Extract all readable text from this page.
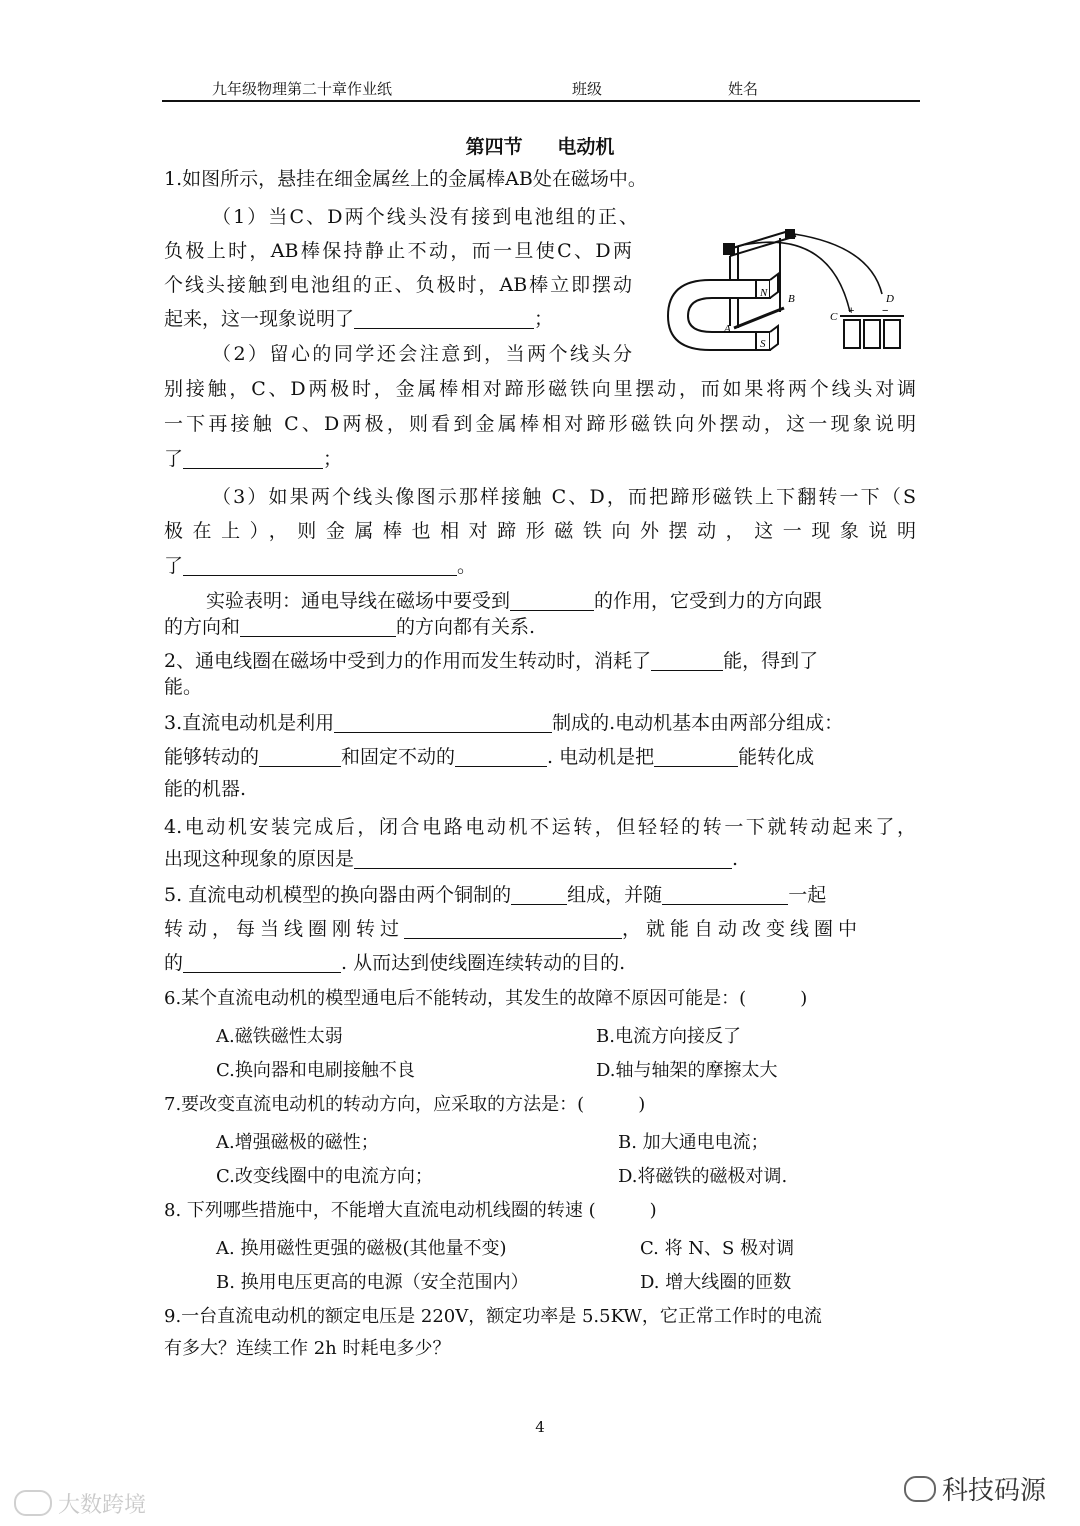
九年级物理第二十章作业纸	班级	姓名
第四节 电动机
1.如图所示，悬挂在细金属丝上的金属棒AB处在磁场中。
（1）当C、D两个线头没有接到电池组的正、
负极上时，AB棒保持静止不动，而一旦使C、D两
个线头接触到电池组的正、负极时，AB棒立即摆动
起来，这一现象说明了	；
（2）留心的同学还会注意到，当两个线头分
别接触，C、D两极时，金属棒相对蹄形磁铁向里摆动，而如果将两个线头对调
一下再接触 C、D两极，则看到金属棒相对蹄形磁铁向外摆动，这一现象说明
了	；
（3）如果两个线头像图示那样接触 C、D，而把蹄形磁铁上下翻转一下（S
极在上），则金属棒也相对蹄形磁铁向外摆动，这一现象说明
了	。
实验表明：通电导线在磁场中要受到	的作用，它受到力的方向跟
的方向和	的方向都有关系.
N
S
A
B
C
D
+	−
2、通电线圈在磁场中受到力的作用而发生转动时，消耗了	能，得到了
能。
3.直流电动机是利用	制成的.电动机基本由两部分组成：
能够转动的	和固定不动的	. 电动机是把	能转化成
能的机器.
4.电动机安装完成后，闭合电路电动机不运转，但轻轻的转一下就转动起来了，
出现这种现象的原因是	.
5. 直流电动机模型的换向器由两个铜制的	组成，并随	一起
转动，每当线圈刚转过	，就能自动改变线圈中
的	. 从而达到使线圈连续转动的目的.
6.某个直流电动机的模型通电后不能转动，其发生的故障不原因可能是：(　　　)
A.磁铁磁性太弱	B.电流方向接反了
C.换向器和电刷接触不良	D.轴与轴架的摩擦太大
7.要改变直流电动机的转动方向，应采取的方法是：(　　　)
A.增强磁极的磁性；	B. 加大通电电流；
C.改变线圈中的电流方向；	D.将磁铁的磁极对调.
8. 下列哪些措施中，不能增大直流电动机线圈的转速 (　　　)
A. 换用磁性更强的磁极(其他量不变)	C. 将 N、S 极对调
B. 换用电压更高的电源（安全范围内）	D. 增大线圈的匝数
9.一台直流电动机的额定电压是 220V，额定功率是 5.5KW，它正常工作时的电流
有多大？连续工作 2h 时耗电多少？
4
大数跨境	科技码源
